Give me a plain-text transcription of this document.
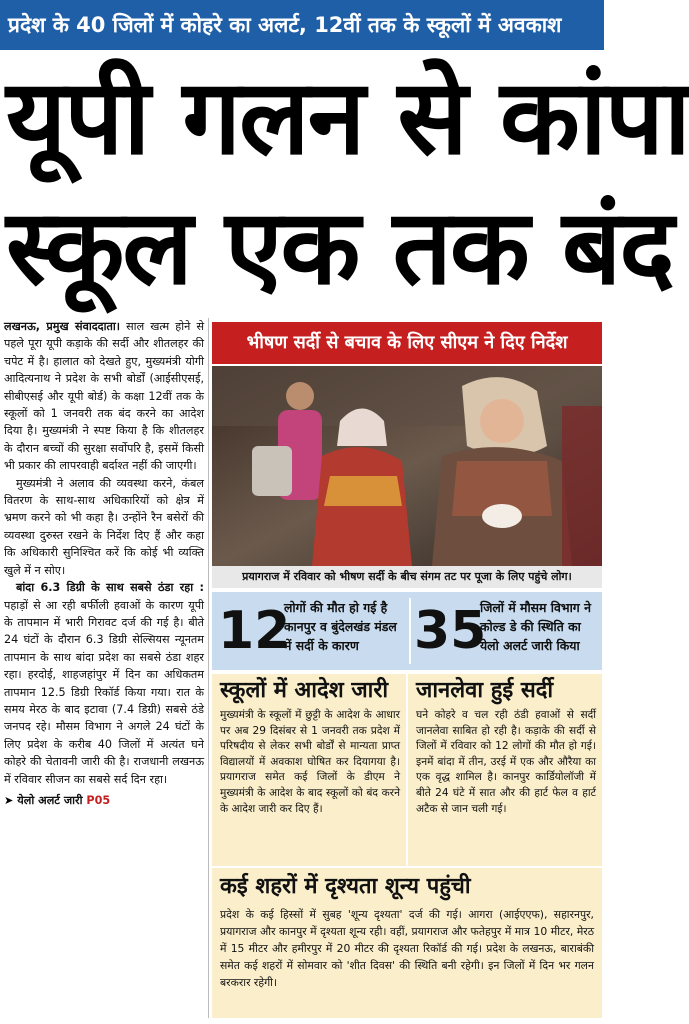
प्रदेश के 40 जिलों में कोहरे का अलर्ट, 12वीं तक के स्कूलों में अवकाश
यूपी गलन से कांपा
स्कूल एक तक बंद

लखनऊ, प्रमुख संवाददाता। साल खत्म होने से पहले पूरा यूपी कड़ाके की सर्दी और शीतलहर की चपेट में है। हालात को देखते हुए, मुख्यमंत्री योगी आदित्यनाथ ने प्रदेश के सभी बोर्डों (आईसीएसई, सीबीएसई और यूपी बोर्ड) के कक्षा 12वीं तक के स्कूलों को 1 जनवरी तक बंद करने का आदेश दिया है। मुख्यमंत्री ने स्पष्ट किया है कि शीतलहर के दौरान बच्चों की सुरक्षा सर्वोपरि है, इसमें किसी भी प्रकार की लापरवाही बर्दाश्त नहीं की जाएगी।

मुख्यमंत्री ने अलाव की व्यवस्था करने, कंबल वितरण के साथ-साथ अधिकारियों को क्षेत्र में भ्रमण करने को भी कहा है। उन्होंने रैन बसेरों की व्यवस्था दुरुस्त रखने के निर्देश दिए हैं और कहा कि अधिकारी सुनिश्चित करें कि कोई भी व्यक्ति खुले में न सोए।

बांदा 6.3 डिग्री के साथ सबसे ठंडा रहा : पहाड़ों से आ रही बर्फीली हवाओं के कारण यूपी के तापमान में भारी गिरावट दर्ज की गई है। बीते 24 घंटों के दौरान 6.3 डिग्री सेल्सियस न्यूनतम तापमान के साथ बांदा प्रदेश का सबसे ठंडा शहर रहा। हरदोई, शाहजहांपुर में दिन का अधिकतम तापमान 12.5 डिग्री रिकॉर्ड किया गया। रात के समय मेरठ के बाद इटावा (7.4 डिग्री) सबसे ठंडे जनपद रहे। मौसम विभाग ने अगले 24 घंटों के लिए प्रदेश के करीब 40 जिलों में अत्यंत घने कोहरे की चेतावनी जारी की है। राजधानी लखनऊ में रविवार सीजन का सबसे सर्द दिन रहा।

➤ येलो अलर्ट जारी P05
भीषण सर्दी से बचाव के लिए सीएम ने दिए निर्देश
प्रयागराज में रविवार को भीषण सर्दी के बीच संगम तट पर पूजा के लिए पहुंचे लोग।
12
लोगों की मौत हो गई है कानपुर व बुंदेलखंड मंडल में सर्दी के कारण	35
जिलों में मौसम विभाग ने कोल्ड डे की स्थिति का येलो अलर्ट जारी किया
स्कूलों में आदेश जारी
मुख्यमंत्री के स्कूलों में छुट्टी के आदेश के आधार पर अब 29 दिसंबर से 1 जनवरी तक प्रदेश में परिषदीय से लेकर सभी बोर्डों से मान्यता प्राप्त विद्यालयों में अवकाश घोषित कर दियागया है। प्रयागराज समेत कई जिलों के डीएम ने मुख्यमंत्री के आदेश के बाद स्कूलों को बंद करने के आदेश जारी कर दिए हैं।
जानलेवा हुई सर्दी
घने कोहरे व चल रही ठंडी हवाओं से सर्दी जानलेवा साबित हो रही है। कड़ाके की सर्दी से जिलों में रविवार को 12 लोगों की मौत हो गई। इनमें बांदा में तीन, उरई में एक और औरैया का एक वृद्ध शामिल है। कानपुर कार्डियोलॉजी में बीते 24 घंटे में सात और की हार्ट फेल व हार्ट अटैक से जान चली गई।
कई शहरों में दृश्यता शून्य पहुंची
प्रदेश के कई हिस्सों में सुबह 'शून्य दृश्यता' दर्ज की गई। आगरा (आईएएफ), सहारनपुर, प्रयागराज और कानपुर में दृश्यता शून्य रही। वहीं, प्रयागराज और फतेहपुर में मात्र 10 मीटर, मेरठ में 15 मीटर और हमीरपुर में 20 मीटर की दृश्यता रिकॉर्ड की गई। प्रदेश के लखनऊ, बाराबंकी समेत कई शहरों में सोमवार को 'शीत दिवस' की स्थिति बनी रहेगी। इन जिलों में दिन भर गलन बरकरार रहेगी।
